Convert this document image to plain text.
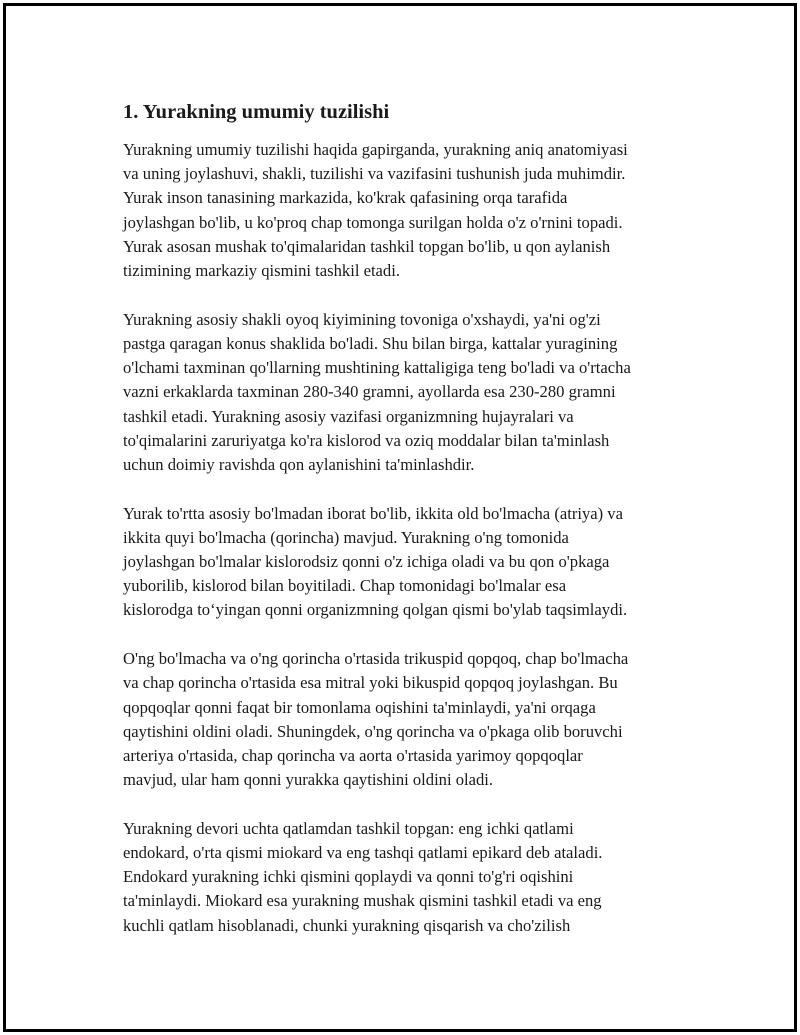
1. Yurakning umumiy tuzilishi

Yurakning umumiy tuzilishi haqida gapirganda, yurakning aniq anatomiyasi
va uning joylashuvi, shakli, tuzilishi va vazifasini tushunish juda muhimdir.
Yurak inson tanasining markazida, ko'krak qafasining orqa tarafida
joylashgan bo'lib, u ko'proq chap tomonga surilgan holda o'z o'rnini topadi.
Yurak asosan mushak to'qimalaridan tashkil topgan bo'lib, u qon aylanish
tizimining markaziy qismini tashkil etadi.

Yurakning asosiy shakli oyoq kiyimining tovoniga o'xshaydi, ya'ni og'zi
pastga qaragan konus shaklida bo'ladi. Shu bilan birga, kattalar yuragining
o'lchami taxminan qo'llarning mushtining kattaligiga teng bo'ladi va o'rtacha
vazni erkaklarda taxminan 280-340 gramni, ayollarda esa 230-280 gramni
tashkil etadi. Yurakning asosiy vazifasi organizmning hujayralari va
to'qimalarini zaruriyatga ko'ra kislorod va oziq moddalar bilan ta'minlash
uchun doimiy ravishda qon aylanishini ta'minlashdir.

Yurak to'rtta asosiy bo'lmadan iborat bo'lib, ikkita old bo'lmacha (atriya) va
ikkita quyi bo'lmacha (qorincha) mavjud. Yurakning o'ng tomonida
joylashgan bo'lmalar kislorodsiz qonni o'z ichiga oladi va bu qon o'pkaga
yuborilib, kislorod bilan boyitiladi. Chap tomonidagi bo'lmalar esa
kislorodga to‘yingan qonni organizmning qolgan qismi bo'ylab taqsimlaydi.

O'ng bo'lmacha va o'ng qorincha o'rtasida trikuspid qopqoq, chap bo'lmacha
va chap qorincha o'rtasida esa mitral yoki bikuspid qopqoq joylashgan. Bu
qopqoqlar qonni faqat bir tomonlama oqishini ta'minlaydi, ya'ni orqaga
qaytishini oldini oladi. Shuningdek, o'ng qorincha va o'pkaga olib boruvchi
arteriya o'rtasida, chap qorincha va aorta o'rtasida yarimoy qopqoqlar
mavjud, ular ham qonni yurakka qaytishini oldini oladi.

Yurakning devori uchta qatlamdan tashkil topgan: eng ichki qatlami
endokard, o'rta qismi miokard va eng tashqi qatlami epikard deb ataladi.
Endokard yurakning ichki qismini qoplaydi va qonni to'g'ri oqishini
ta'minlaydi. Miokard esa yurakning mushak qismini tashkil etadi va eng
kuchli qatlam hisoblanadi, chunki yurakning qisqarish va cho'zilish
